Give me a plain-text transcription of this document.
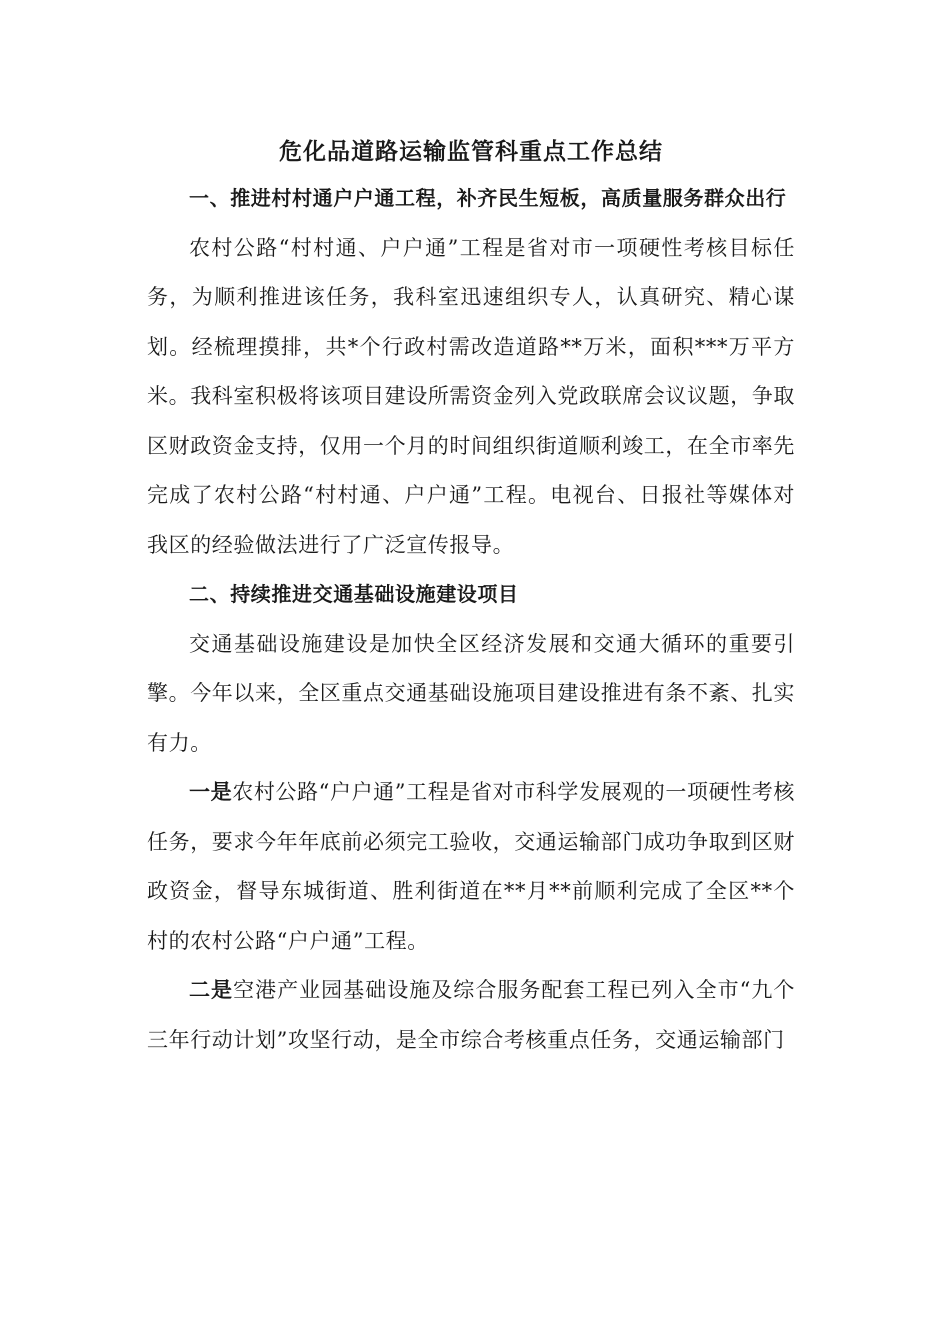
危化品道路运输监管科重点工作总结

一、推进村村通户户通工程，补齐民生短板，高质量服务群众出行

农村公路“村村通、户户通”工程是省对市一项硬性考核目标任务，为顺利推进该任务，我科室迅速组织专人，认真研究、精心谋划。经梳理摸排，共*个行政村需改造道路**万米，面积***万平方米。我科室积极将该项目建设所需资金列入党政联席会议议题，争取区财政资金支持，仅用一个月的时间组织街道顺利竣工，在全市率先完成了农村公路“村村通、户户通”工程。电视台、日报社等媒体对我区的经验做法进行了广泛宣传报导。

二、持续推进交通基础设施建设项目

交通基础设施建设是加快全区经济发展和交通大循环的重要引擎。今年以来，全区重点交通基础设施项目建设推进有条不紊、扎实有力。

一是农村公路“户户通”工程是省对市科学发展观的一项硬性考核任务，要求今年年底前必须完工验收，交通运输部门成功争取到区财政资金，督导东城街道、胜利街道在**月**前顺利完成了全区**个村的农村公路“户户通”工程。

二是空港产业园基础设施及综合服务配套工程已列入全市“九个三年行动计划”攻坚行动，是全市综合考核重点任务，交通运输部门
